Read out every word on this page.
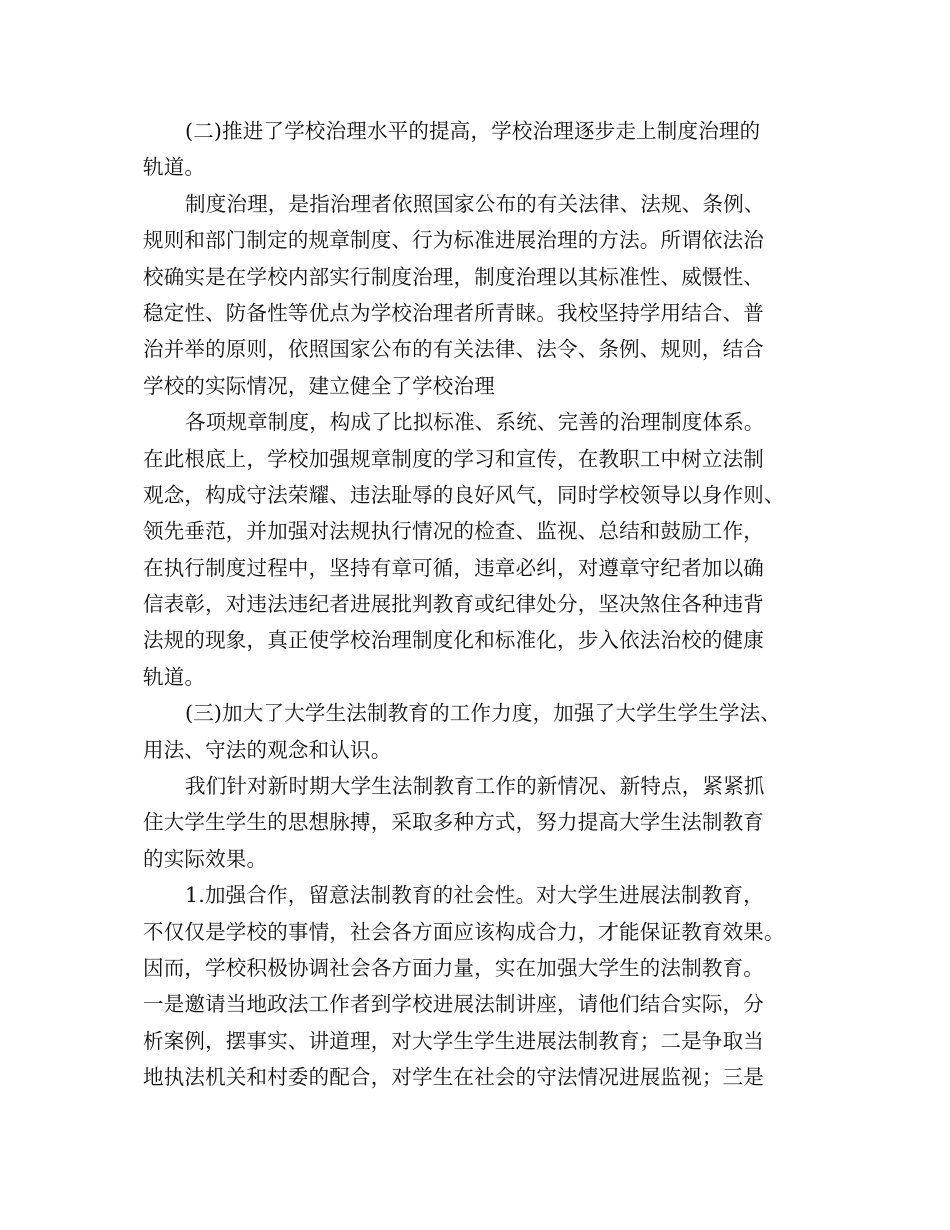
(二)推进了学校治理水平的提高，学校治理逐步走上制度治理的
轨道。
制度治理，是指治理者依照国家公布的有关法律、法规、条例、
规则和部门制定的规章制度、行为标准进展治理的方法。所谓依法治
校确实是在学校内部实行制度治理，制度治理以其标准性、威慑性、
稳定性、防备性等优点为学校治理者所青睐。我校坚持学用结合、普
治并举的原则，依照国家公布的有关法律、法令、条例、规则，结合
学校的实际情况，建立健全了学校治理
各项规章制度，构成了比拟标准、系统、完善的治理制度体系。
在此根底上，学校加强规章制度的学习和宣传，在教职工中树立法制
观念，构成守法荣耀、违法耻辱的良好风气，同时学校领导以身作则、
领先垂范，并加强对法规执行情况的检查、监视、总结和鼓励工作，
在执行制度过程中，坚持有章可循，违章必纠，对遵章守纪者加以确
信表彰，对违法违纪者进展批判教育或纪律处分，坚决煞住各种违背
法规的现象，真正使学校治理制度化和标准化，步入依法治校的健康
轨道。
(三)加大了大学生法制教育的工作力度，加强了大学生学生学法、
用法、守法的观念和认识。
我们针对新时期大学生法制教育工作的新情况、新特点，紧紧抓
住大学生学生的思想脉搏，采取多种方式，努力提高大学生法制教育
的实际效果。
1.加强合作，留意法制教育的社会性。对大学生进展法制教育，
不仅仅是学校的事情，社会各方面应该构成合力，才能保证教育效果。
因而，学校积极协调社会各方面力量，实在加强大学生的法制教育。
一是邀请当地政法工作者到学校进展法制讲座，请他们结合实际，分
析案例，摆事实、讲道理，对大学生学生进展法制教育；二是争取当
地执法机关和村委的配合，对学生在社会的守法情况进展监视；三是
